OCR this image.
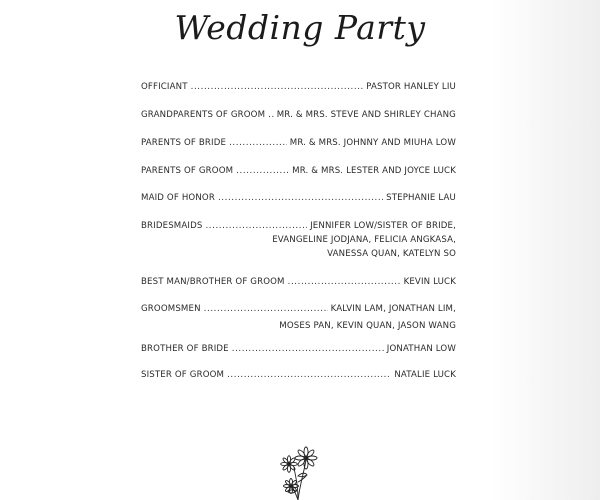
Wedding Party
OFFICIANT .....	PASTOR HANLEY LIU
GRANDPARENTS OF GROOM ..... MR. & MRS. STEVE AND SHIRLEY CHANG
PARENTS OF BRIDE .....	MR. & MRS. JOHNNY AND MIUHA LOW
PARENTS OF GROOM .....	MR. & MRS. LESTER AND JOYCE LUCK
MAID OF HONOR .....	STEPHANIE LAU
BRIDESMAIDS .....	JENNIFER LOW/SISTER OF BRIDE,
EVANGELINE JODJANA, FELICIA ANGKASA,
VANESSA QUAN, KATELYN SO
BEST MAN/BROTHER OF GROOM .....	KEVIN LUCK
GROOMSMEN .....	KALVIN LAM, JONATHAN LIM,
MOSES PAN, KEVIN QUAN, JASON WANG
BROTHER OF BRIDE .....	JONATHAN LOW
SISTER OF GROOM .....	NATALIE LUCK
